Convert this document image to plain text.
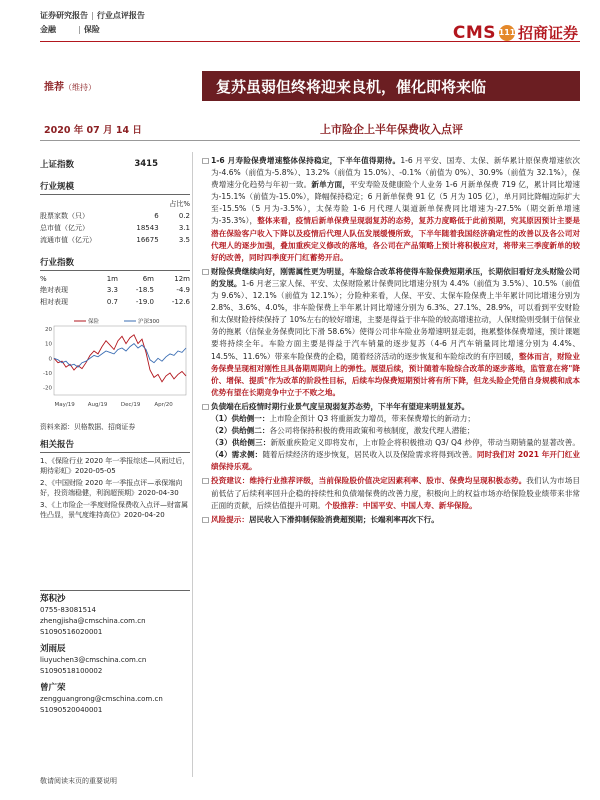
证券研究报告 | 行业点评报告
金融	| 保险	CMS 111 招商证券
推荐（维持）	复苏虽弱但终将迎来良机，催化即将来临
2020 年 07 月 14 日	上市险企上半年保费收入点评
上证指数	3415
行业规模
		占比%
股票家数（只）	6	0.2
总市值（亿元）	18543	3.1
流通市值（亿元）	16675	3.5
行业指数
%	1m	6m	12m
绝对表现	3.3	-18.5	-4.9
相对表现	0.7	-19.0	-12.6
20
10
0
-10
-20
May/19 Aug/19 Dec/19	Apr/20
保险	沪深300
资料来源：贝格数据、招商证券
相关报告
1、《保险行业 2020 年一季报综述—风雨过后，期待彩虹》2020-05-05
2、《中国财险 2020 年一季报点评—承保端向好，投资端稳健，利润超预期》2020-04-30
3、《上市险企一季度财险保费收入点评—财富属性凸显，景气度维持高位》2020-04-20
郑积沙
0755-83081514
zhengjisha@cmschina.com.cn
S1090516020001
刘雨辰
liuyuchen3@cmschina.com.cn
S1090518100002
曾广荣
zengguangrong@cmschina.com.cn
S1090520040001

□ 1-6 月寿险保费增速整体保持稳定，下半年值得期待。1-6 月平安、国寿、太保、新华累计原保费增速依次为-4.6%（前值为-5.8%）、13.2%（前值为 15.0%）、-0.1%（前值为 0%）、30.9%（前值为 32.1%），保费增速分化趋势与年初一致。新单方面，平安寿险及健康险个人业务 1-6 月新单保费 719 亿，累计同比增速为-15.1%（前值为-15.0%），降幅保持稳定；6 月新单保费 91 亿（5 月为 105 亿），单月同比降幅边际扩大至-15.5%（5 月为-3.5%），太保寿险 1-6 月代理人渠道新单保费同比增速为-27.5%（期交新单增速为-35.3%），整体来看，疫情后新单保费呈现弱复苏的态势，复苏力度略低于此前预期，究其原因预计主要是潜在保险客户收入下降以及疫情后代理人队伍发展缓慢所致，下半年随着我国经济确定性的改善以及各公司对代理人的逐步加强，叠加重疾定义修改的落地，各公司在产品策略上预计将积极应对，将带来三季度新单的较好的改善，同时四季度开门红蓄势开启。

□ 财险保费继续向好，刚需属性更为明显，车险综合改革将使得车险保费短期承压，长期依旧看好龙头财险公司的发展。1-6 月老三家人保、平安、太保财险累计保费同比增速分别为 4.4%（前值为 3.5%）、10.5%（前值为 9.6%）、12.1%（前值为 12.1%）；分险种来看，人保、平安、太保车险保费上半年累计同比增速分别为 2.8%、3.6%、4.0%，非车险保费上半年累计同比增速分别为 6.3%、27.1%、28.9%，可以看到平安财险和太保财险持续保持了 10%左右的较好增速，主要是得益于非车险的较高增速拉动，人保财险则受制于信保业务的拖累（信保业务保费同比下滑 58.6%）使得公司非车险业务增速明显走弱，拖累整体保费增速，预计课题要将持续全年。车险方面主要是得益于汽车销量的逐步复苏（4-6 月汽车销量同比增速分别为 4.4%、14.5%、11.6%）带来车险保费的企稳，随着经济活动的逐步恢复和车险综改的有序回暖，整体而言，财险业务保费呈现相对刚性且具备期周期向上的弹性。展望后续，预计随着车险综合改革的逐步落地，监管意在将"降价、增保、提质"作为改革的阶段性目标，后续车均保费短期预计将有所下降，但龙头险企凭借自身规模和成本优势有望在长期竞争中立于不败之地。

□ 负债端在后疫情时期行业景气度呈现弱复苏态势，下半年有望迎来明显复苏。
（1）供给侧一：上市险企预计 Q3 将重新发力增员，带来保费增长的新动力；
（2）供给侧二：各公司将保持积极的费用政策和考核制度，激发代理人潜能；
（3）供给侧三：新版重疾险定义即将发布，上市险企将积极推动 Q3/ Q4 炒停，带动当期销量的显著改善。（4）需求侧：随着后续经济的逐步恢复，居民收入以及保险需求将得到改善。同时我们对 2021 年开门红业绩保持乐观。

□ 投资建议：维持行业推荐评级，当前保险股价值决定因素利率、股市、保费均呈现积极态势。我们认为市场目前低估了后续利率回升企稳的持续性和负债端保费的改善力度，积极向上的权益市场亦给保险股业绩带来非常正面的贡献，后续估值提升可期。个股推荐：中国平安、中国人寿、新华保险。

□ 风险提示：居民收入下滑抑制保险消费超预期；长端利率再次下行。

敬请阅读末页的重要说明
